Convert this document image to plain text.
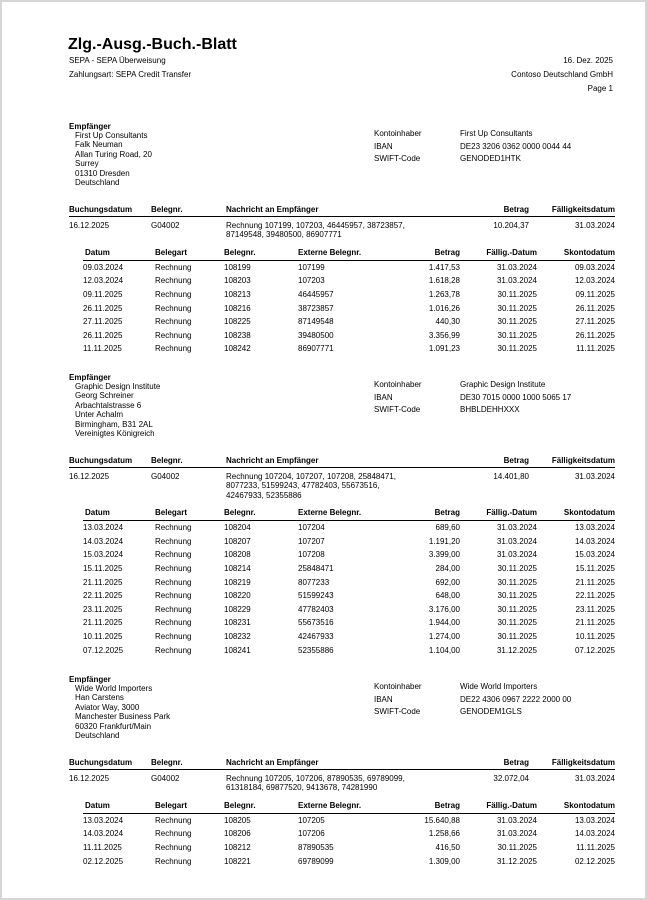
Zlg.-Ausg.-Buch.-Blatt
SEPA - SEPA Überweisung
Zahlungsart: SEPA Credit Transfer
16. Dez. 2025
Contoso Deutschland GmbH
Page 1
Empfänger
First Up Consultants
Falk Neuman
Allan Turing Road, 20
Surrey
01310 Dresden
Deutschland
Kontoinhaber	First Up Consultants
IBAN	DE23 3206 0362 0000 0044 44
SWIFT-Code	GENODED1HTK
Buchungsdatum	Belegnr.	Nachricht an Empfänger	Betrag	Fälligkeitsdatum
16.12.2025	G04002	Rechnung 107199, 107203, 46445957, 38723857,
87149548, 39480500, 86907771
10.204,37	31.03.2024
Datum	Belegart	Belegnr.	Externe Belegnr.	Betrag	Fällig.-Datum	Skontodatum
09.03.2024	Rechnung	108199	107199	1.417,53	31.03.2024	09.03.2024
12.03.2024	Rechnung	108203	107203	1.618,28	31.03.2024	12.03.2024
09.11.2025	Rechnung	108213	46445957	1.263,78	30.11.2025	09.11.2025
26.11.2025	Rechnung	108216	38723857	1.016,26	30.11.2025	26.11.2025
27.11.2025	Rechnung	108225	87149548	440,30	30.11.2025	27.11.2025
26.11.2025	Rechnung	108238	39480500	3.356,99	30.11.2025	26.11.2025
11.11.2025	Rechnung	108242	86907771	1.091,23	30.11.2025	11.11.2025
Empfänger
Graphic Design Institute
Georg Schreiner
Arbachtalstrasse 6
Unter Achalm
Birmingham, B31 2AL
Vereinigtes Königreich
Kontoinhaber	Graphic Design Institute
IBAN	DE30 7015 0000 1000 5065 17
SWIFT-Code	BHBLDEHHXXX
Buchungsdatum	Belegnr.	Nachricht an Empfänger	Betrag	Fälligkeitsdatum
16.12.2025	G04002	Rechnung 107204, 107207, 107208, 25848471,
8077233, 51599243, 47782403, 55673516,
42467933, 52355886
14.401,80	31.03.2024
Datum	Belegart	Belegnr.	Externe Belegnr.	Betrag	Fällig.-Datum	Skontodatum
13.03.2024	Rechnung	108204	107204	689,60	31.03.2024	13.03.2024
14.03.2024	Rechnung	108207	107207	1.191,20	31.03.2024	14.03.2024
15.03.2024	Rechnung	108208	107208	3.399,00	31.03.2024	15.03.2024
15.11.2025	Rechnung	108214	25848471	284,00	30.11.2025	15.11.2025
21.11.2025	Rechnung	108219	8077233	692,00	30.11.2025	21.11.2025
22.11.2025	Rechnung	108220	51599243	648,00	30.11.2025	22.11.2025
23.11.2025	Rechnung	108229	47782403	3.176,00	30.11.2025	23.11.2025
21.11.2025	Rechnung	108231	55673516	1.944,00	30.11.2025	21.11.2025
10.11.2025	Rechnung	108232	42467933	1.274,00	30.11.2025	10.11.2025
07.12.2025	Rechnung	108241	52355886	1.104,00	31.12.2025	07.12.2025
Empfänger
Wide World Importers
Han Carstens
Aviator Way, 3000
Manchester Business Park
60320 Frankfurt/Main
Deutschland
Kontoinhaber	Wide World Importers
IBAN	DE22 4306 0967 2222 2000 00
SWIFT-Code	GENODEM1GLS
Buchungsdatum	Belegnr.	Nachricht an Empfänger	Betrag	Fälligkeitsdatum
16.12.2025	G04002	Rechnung 107205, 107206, 87890535, 69789099,
61318184, 69877520, 9413678, 74281990
32.072,04	31.03.2024
Datum	Belegart	Belegnr.	Externe Belegnr.	Betrag	Fällig.-Datum	Skontodatum
13.03.2024	Rechnung	108205	107205	15.640,88	31.03.2024	13.03.2024
14.03.2024	Rechnung	108206	107206	1.258,66	31.03.2024	14.03.2024
11.11.2025	Rechnung	108212	87890535	416,50	30.11.2025	11.11.2025
02.12.2025	Rechnung	108221	69789099	1.309,00	31.12.2025	02.12.2025
